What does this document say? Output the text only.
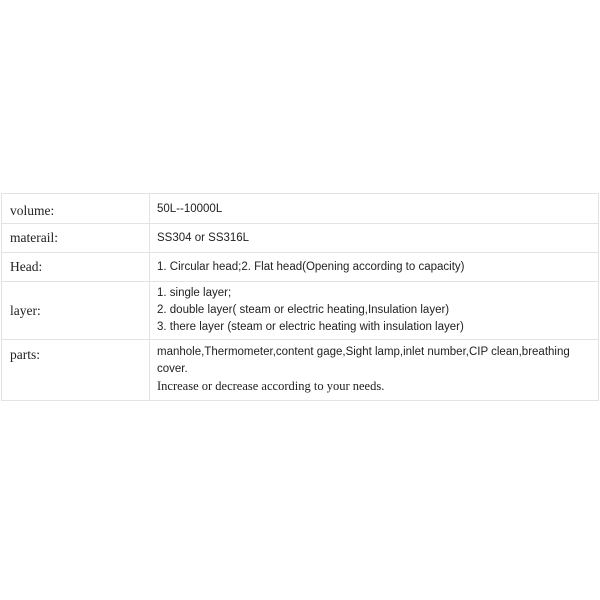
volume:	50L--10000L

materail:	SS304 or SS316L

Head:	1. Circular head;2. Flat head(Opening according to capacity)

layer:	1. single layer;
2. double layer( steam or electric heating,Insulation layer)
3. there layer (steam or electric heating with insulation layer)

parts:	manhole,Thermometer,content gage,Sight lamp,inlet number,CIP clean,breathing cover.
Increase or decrease according to your needs.
